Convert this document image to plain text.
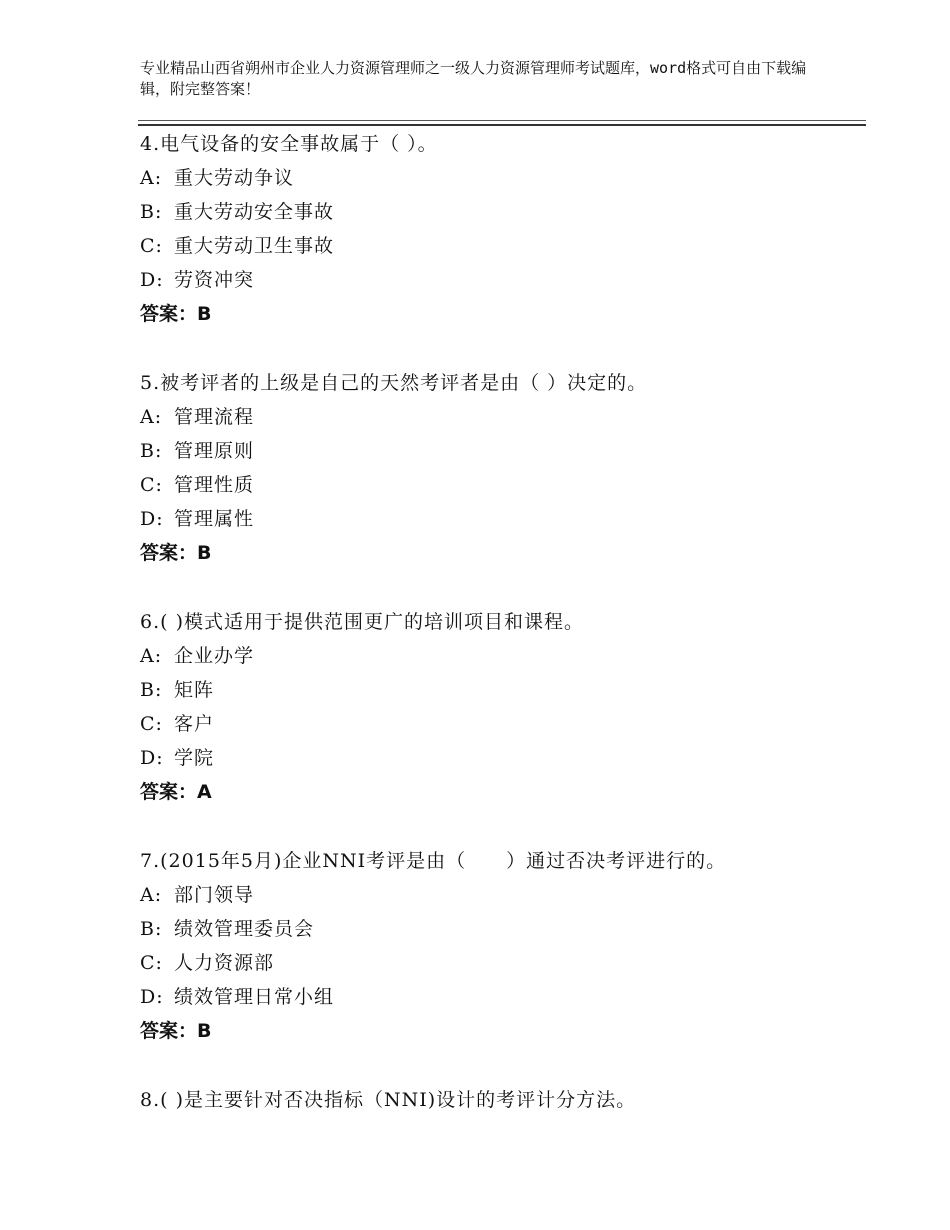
专业精品山西省朔州市企业人力资源管理师之一级人力资源管理师考试题库，word格式可自由下载编辑，附完整答案！
4.电气设备的安全事故属于（ ）。
A: 重大劳动争议
B: 重大劳动安全事故
C: 重大劳动卫生事故
D: 劳资冲突
答案：B
5.被考评者的上级是自己的天然考评者是由（ ）决定的。
A: 管理流程
B: 管理原则
C: 管理性质
D: 管理属性
答案：B
6.( )模式适用于提供范围更广的培训项目和课程。
A: 企业办学
B: 矩阵
C: 客户
D: 学院
答案：A
7.(2015年5月)企业NNI考评是由（　　）通过否决考评进行的。
A: 部门领导
B: 绩效管理委员会
C: 人力资源部
D: 绩效管理日常小组
答案：B
8.( )是主要针对否决指标（NNI)设计的考评计分方法。
